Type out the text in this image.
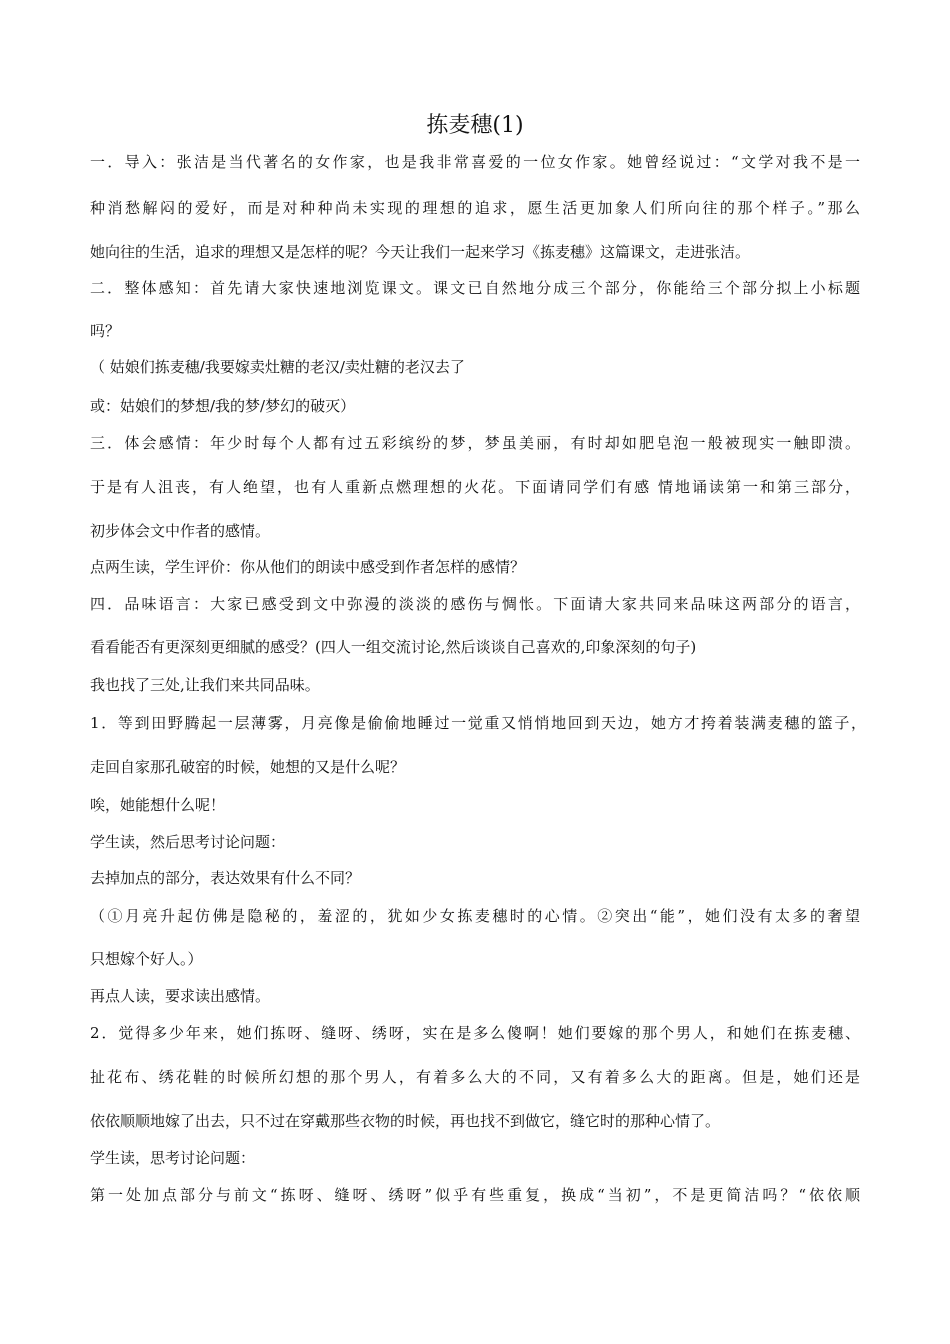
拣麦穗(1)
一．导入：张洁是当代著名的女作家，也是我非常喜爱的一位女作家。她曾经说过：“文学对我不是一
种消愁解闷的爱好，而是对种种尚未实现的理想的追求，愿生活更加象人们所向往的那个样子。”那么
她向往的生活，追求的理想又是怎样的呢？今天让我们一起来学习《拣麦穗》这篇课文，走进张洁。
二．整体感知：首先请大家快速地浏览课文。课文已自然地分成三个部分，你能给三个部分拟上小标题
吗？
（ 姑娘们拣麦穗/我要嫁卖灶糖的老汉/卖灶糖的老汉去了
或：姑娘们的梦想/我的梦/梦幻的破灭）
三．体会感情：年少时每个人都有过五彩缤纷的梦，梦虽美丽，有时却如肥皂泡一般被现实一触即溃。
于是有人沮丧，有人绝望，也有人重新点燃理想的火花。下面请同学们有感 情地诵读第一和第三部分，
初步体会文中作者的感情。
点两生读，学生评价：你从他们的朗读中感受到作者怎样的感情？
四．品味语言：大家已感受到文中弥漫的淡淡的感伤与惆怅。下面请大家共同来品味这两部分的语言，
看看能否有更深刻更细腻的感受？(四人一组交流讨论,然后谈谈自己喜欢的,印象深刻的句子)
我也找了三处,让我们来共同品味。
1．等到田野腾起一层薄雾，月亮像是偷偷地睡过一觉重又悄悄地回到天边，她方才挎着装满麦穗的篮子，
走回自家那孔破窑的时候，她想的又是什么呢？
唉，她能想什么呢！
学生读，然后思考讨论问题：
去掉加点的部分，表达效果有什么不同？
（①月亮升起仿佛是隐秘的，羞涩的，犹如少女拣麦穗时的心情。②突出“能”，她们没有太多的奢望
只想嫁个好人。）
再点人读，要求读出感情。
2．觉得多少年来，她们拣呀、缝呀、绣呀，实在是多么傻啊！她们要嫁的那个男人，和她们在拣麦穗、
扯花布、绣花鞋的时候所幻想的那个男人，有着多么大的不同，又有着多么大的距离。但是，她们还是
依依顺顺地嫁了出去，只不过在穿戴那些衣物的时候，再也找不到做它，缝它时的那种心情了。
学生读，思考讨论问题：
第一处加点部分与前文“拣呀、缝呀、绣呀”似乎有些重复，换成“当初”，不是更简洁吗？“依依顺
